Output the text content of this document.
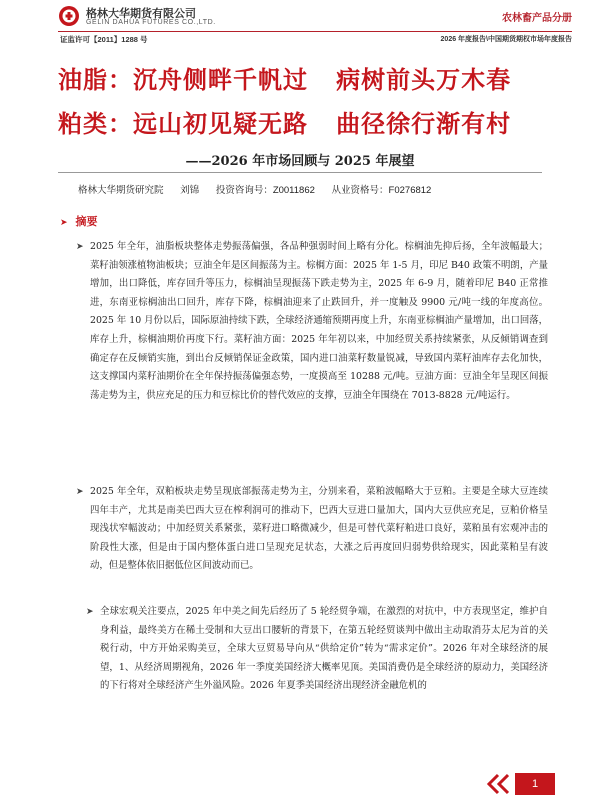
格林大华期货有限公司
GELIN DAHUA FUTURES CO.,LTD.	农林畜产品分册
证监许可【2011】1288 号	2026 年度报告\中国期货期权市场年度报告
油脂：沉舟侧畔千帆过   病树前头万木春
粕类：远山初见疑无路   曲径徐行渐有村
——2026 年市场回顾与 2025 年展望
格林大华期货研究院 刘锦 投资咨询号：Z0011862 从业资格号：F0276812
➤ 摘要
➤ 2025 年全年，油脂板块整体走势振荡偏强，各品种强弱时间上略有分化。棕榈油先抑后扬，全年波幅最大；菜籽油领涨植物油板块；豆油全年是区间振荡为主。棕榈方面：2025 年 1-5 月，印尼 B40 政策不明朗，产量增加，出口降低，库存回升等压力，棕榈油呈现振荡下跌走势为主，2025 年 6-9 月，随着印尼 B40 正常推进，东南亚棕榈油出口回升，库存下降，棕榈油迎来了止跌回升，并一度触及 9900 元/吨一线的年度高位。2025 年 10 月份以后，国际原油持续下跌，全球经济通缩预期再度上升，东南亚棕榈油产量增加，出口回落，库存上升，棕榈油期价再度下行。菜籽油方面：2025 年年初以来，中加经贸关系持续紧张，从反倾销调查到确定存在反倾销实施，到出台反倾销保证金政策，国内进口油菜籽数量锐减，导致国内菜籽油库存去化加快，这支撑国内菜籽油期价在全年保持振荡偏强态势，一度摸高至 10288 元/吨。豆油方面：豆油全年呈现区间振荡走势为主，供应充足的压力和豆棕比价的替代效应的支撑，豆油全年围绕在 7013-8828 元/吨运行。
➤ 2025 年全年，双粕板块走势呈现底部振荡走势为主，分别来看，菜粕波幅略大于豆粕。主要是全球大豆连续四年丰产，尤其是南美巴西大豆在榨利润可的推动下，巴西大豆进口量加大，国内大豆供应充足，豆粕价格呈现浅状窄幅波动；中加经贸关系紧张，菜籽进口略微减少，但是可替代菜籽粕进口良好，菜粕虽有宏观冲击的阶段性大涨，但是由于国内整体蛋白进口呈现充足状态，大涨之后再度回归弱势供给现实，因此菜粕呈有波动，但是整体依旧据低位区间波动而已。
➤ 全球宏观关注要点，2025 年中美之间先后经历了 5 轮经贸争端，在激烈的对抗中，中方表现坚定，维护自身利益，最终美方在稀土受制和大豆出口腰斩的背景下，在第五轮经贸谈判中做出主动取消芬太尼为首的关税行动，中方开始采购美豆，全球大豆贸易导向从“供给定价”转为“需求定价”。2026 年对全球经济的展望，1、从经济周期视角，2026 年一季度美国经济大概率见顶。美国消费仍是全球经济的原动力，美国经济的下行将对全球经济产生外溢风险。2026 年夏季美国经济出现经济金融危机的
1
